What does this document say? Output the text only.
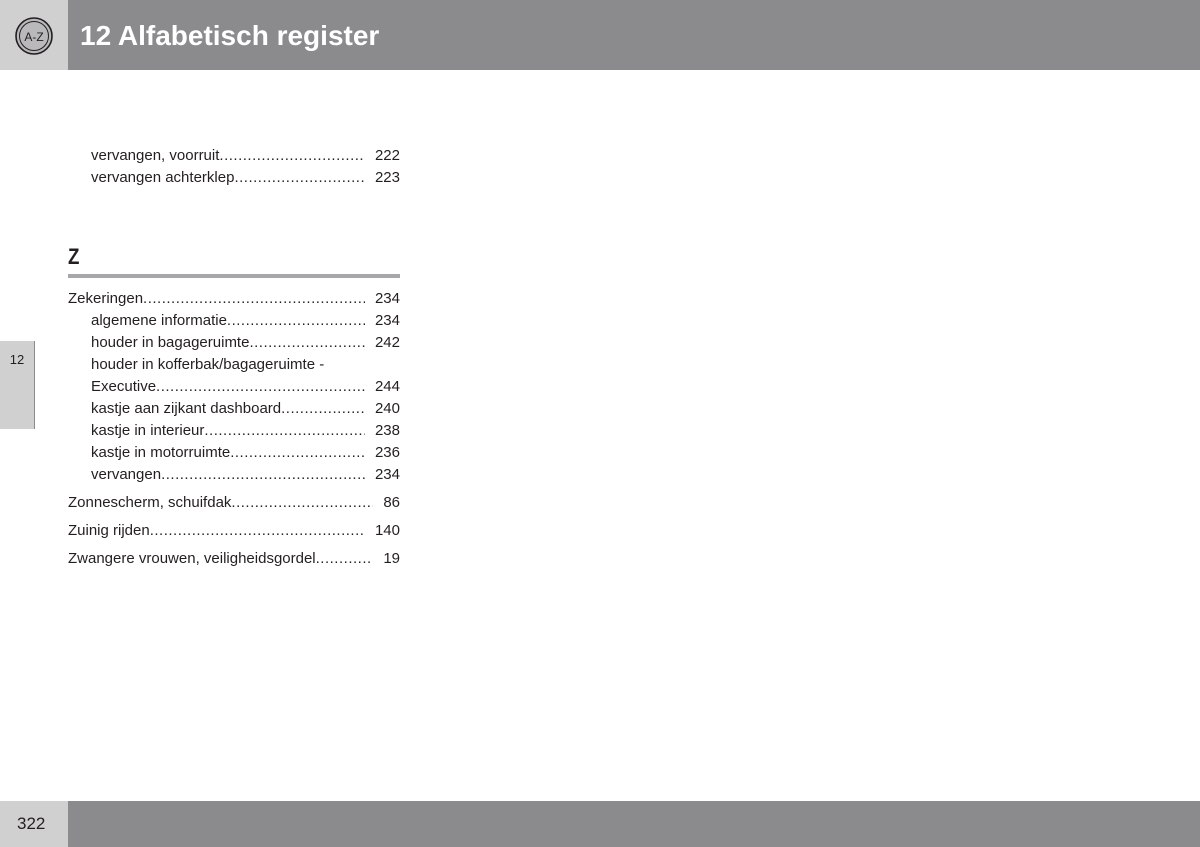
A-Z 12 Alfabetisch register
12
vervangen, voorruit .....	222
vervangen achterklep .....	223
Z
Zekeringen .....	234
algemene informatie .....	234
houder in bagageruimte .....	242
houder in kofferbak/bagageruimte -
Executive .....	244
kastje aan zijkant dashboard .....	240
kastje in interieur .....	238
kastje in motorruimte .....	236
vervangen .....	234
Zonnescherm, schuifdak .....	86
Zuinig rijden .....	140
Zwangere vrouwen, veiligheidsgordel .....	19
322
